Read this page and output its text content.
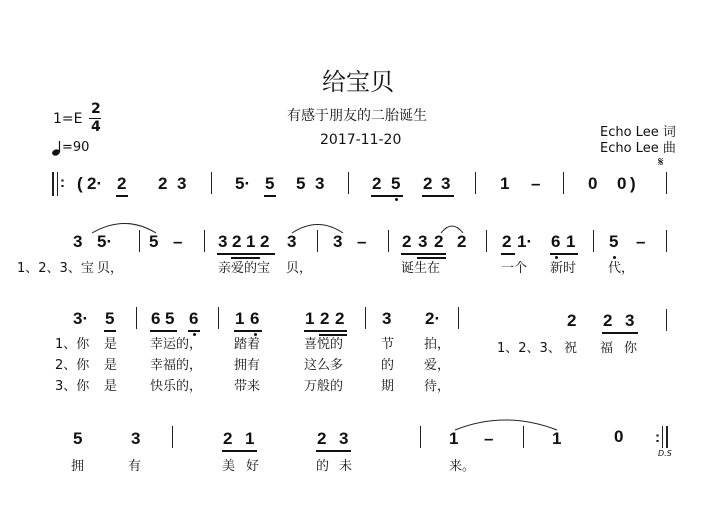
给宝贝
有感于朋友的二胎诞生
2017-11-20
1=E
2
4
=90
Echo Lee 词
Echo Lee 曲
𝄋
: ( 2· 2 2 3	5· 5 5 3	2 5 2 3	1 –	0 0 )
3 5· 5 – 3 2 1 2 3 3 – 2 3 2 2 2 1· 6 1 5 –
1、2、3、宝 贝，	亲爱的宝 贝，	诞生在	一个 新时 代，
3· 5 6 5 6 1 6	1 2 2 3 2·	2 2 3
1、你 是	幸运的， 踏着	喜悦的	节 拍，
2、你 是	幸福的， 拥有	这么多	的 爱，
3、你 是	快乐的， 带来	万般的	期 待，
1、2、3、 祝 福 你
5	3	2 1	2 3	1 –	1	0 :
D.S
拥	有	美 好	的 未	来。
